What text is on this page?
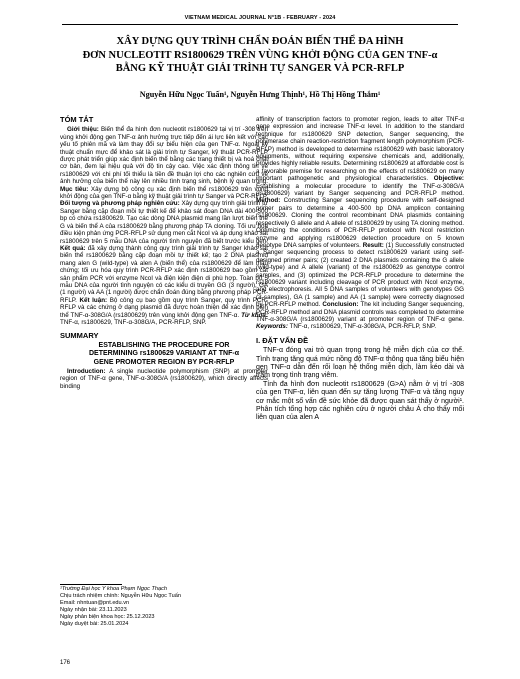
VIETNAM MEDICAL JOURNAL N°1B - FEBRUARY - 2024
XÂY DỰNG QUY TRÌNH CHẨN ĐOÁN BIẾN THỂ ĐA HÌNH
ĐƠN NUCLEOTIT RS1800629 TRÊN VÙNG KHỞI ĐỘNG CỦA GEN TNF-α
BẰNG KỸ THUẬT GIẢI TRÌNH TỰ SANGER VÀ PCR-RFLP
Nguyễn Hữu Ngọc Tuấn¹, Nguyễn Hưng Thịnh¹, Hồ Thị Hồng Thắm¹
TÓM TẮT

Giới thiệu: Biến thể đa hình đơn nucleotit rs1800629 tại vị trí -308 trên vùng khởi động gen TNF-α ảnh hưởng trực tiếp đến ái lực liên kết với các yếu tố phiên mã và làm thay đổi sự biểu hiện của gen TNF-α. Ngoài kỹ thuật chuẩn mực để khảo sát là giải trình tự Sanger, kỹ thuật PCR-RFLP được phát triển giúp xác định biến thể bằng các trang thiết bị và hoá chất cơ bản, đem lại hiệu quả với độ tin cậy cao. Việc xác định thông tin về rs1800629 với chi phí tối thiểu là tiền đề thuận lợi cho các nghiên cứu về ảnh hưởng của biến thể này lên nhiều tình trạng sinh, bệnh lý quan trọng. Mục tiêu: Xây dựng bộ công cụ xác định biến thể rs1800629 trên vùng khởi động của gen TNF-α bằng kỹ thuật giải trình tự Sanger và PCR-RFLP. Đối tượng và phương pháp nghiên cứu: Xây dựng quy trình giải trình tự Sanger bằng cặp đoạn mồi tự thiết kế để khảo sát đoạn DNA dài 400-500 bp có chứa rs1800629. Tạo các dòng DNA plasmid mang lần lượt biến thể G và biến thể A của rs1800629 bằng phương pháp TA cloning. Tối ưu hoá điều kiện phản ứng PCR-RFLP sử dụng men cắt NcoI và áp dụng khảo sát rs1800629 trên 5 mẫu DNA của người tình nguyện đã biết trước kiểu gen. Kết quả: đã xây dựng thành công quy trình giải trình tự Sanger khảo sát biến thể rs1800629 bằng cặp đoạn mồi tự thiết kế; tạo 2 DNA plasmid mang alen G (wild-type) và alen A (biến thể) của rs1800629 để làm mẫu chứng; tối ưu hóa quy trình PCR-RFLP xác định rs1800629 bao gồm cắt sản phẩm PCR với enzyme NcoI và điện kiện điện di phù hợp. Toàn bộ 5 mẫu DNA của người tình nguyện có các kiểu di truyền GG (3 người), GA (1 người) và AA (1 người) được chẩn đoán đúng bằng phương pháp PCR-RFLP. Kết luận: Bộ công cụ bao gồm quy trình Sanger, quy trình PCR-RFLP và các chứng ở dạng plasmid đã được hoàn thiện để xác định biến thể TNF-α-308G/A (rs1800629) trên vùng khởi động gen TNF-α. Từ khoá: TNF-α, rs1800629, TNF-α-308G/A, PCR-RFLP, SNP.

SUMMARY
ESTABLISHING THE PROCEDURE FOR
DETERMINING rs1800629 VARIANT AT TNF-α
GENE PROMOTER REGION BY PCR-RFLP

Introduction: A single nucleotide polymorphism (SNP) at promoter region of TNF-α gene, TNF-α-308G/A (rs1800629), which directly affects binding

¹Trường Đại học Y khoa Phạm Ngọc Thạch
Chịu trách nhiệm chính: Nguyễn Hữu Ngọc Tuấn
Email: nhntuan@pnt.edu.vn
Ngày nhận bài: 23.11.2023
Ngày phản biện khoa học: 25.12.2023
Ngày duyệt bài: 25.01.2024

affinity of transcription factors to promoter region, leads to alter TNF-α gene expression and increase TNF-α level. In addition to the standard technique for rs1800629 SNP detection, Sanger sequencing, the polymerase chain reaction-restriction fragment length polymorphism (PCR-RFLP) method is developed to determine rs1800629 with basic laboratory equipments, without requiring expensive chemicals and, additionally, provides highly reliable results. Determining rs1800629 at affordable cost is a favorable premise for researching on the effects of rs1800629 on many important pathogenetic and physiological characteristics. Objective: Establishing a molecular procedure to identify the TNF-α-308G/A (rs1800629) variant by Sanger sequencing and PCR-RFLP method. Method: Constructing Sanger sequencing procedure with self-designed primer pairs to determine a 400-500 bp DNA amplicon containing rs1800629. Cloning the control recombinant DNA plasmids containing respectively G allele and A allele of rs1800629 by using TA cloning method. Optimizing the conditions of PCR-RFLP protocol with NcoI restriction enzyme and applying rs1800629 detection procedure on 5 known genotype DNA samples of volunteers. Result: (1) Successfully constructed a Sanger sequencing process to detect rs1800629 variant using self-designed primer pairs; (2) created 2 DNA plasmids containing the G allele (wild-type) and A allele (variant) of the rs1800629 as genotype control samples, and (3) optimized the PCR-RFLP procedure to determine the rs1800629 variant including cleavage of PCR product with NcoI enzyme, and electrophoresis. All 5 DNA samples of volunteers with genotypes GG (3 samples), GA (1 sample) and AA (1 sample) were correctly diagnosed by PCR-RFLP method. Conclusion: The kit including Sanger sequencing, PCR-RFLP method and DNA plasmid controls was completed to determine TNF-α-308G/A (rs1800629) variant at promoter region of TNF-α gene. Keywords: TNF-α, rs1800629, TNF-α-308G/A, PCR-RFLP, SNP.

I. ĐẶT VẤN ĐỀ

TNF-α đóng vai trò quan trọng trong hệ miễn dịch của cơ thể. Tình trạng tăng quá mức nồng độ TNF-α thông qua tăng biểu hiện gen TNF-α dẫn đến rối loạn hệ thống miễn dịch, làm kéo dài và trầm trọng tình trạng viêm.

Tính đa hình đơn nucleotit rs1800629 (G>A) nằm ở vị trí -308 của gen TNF-α, liên quan đến sự tăng lượng TNF-α và tăng nguy cơ mắc một số vấn đề sức khỏe đã được quan sát thấy ở người¹. Phân tích tổng hợp các nghiên cứu ở người châu Á cho thấy mối liên quan của alen A

176
